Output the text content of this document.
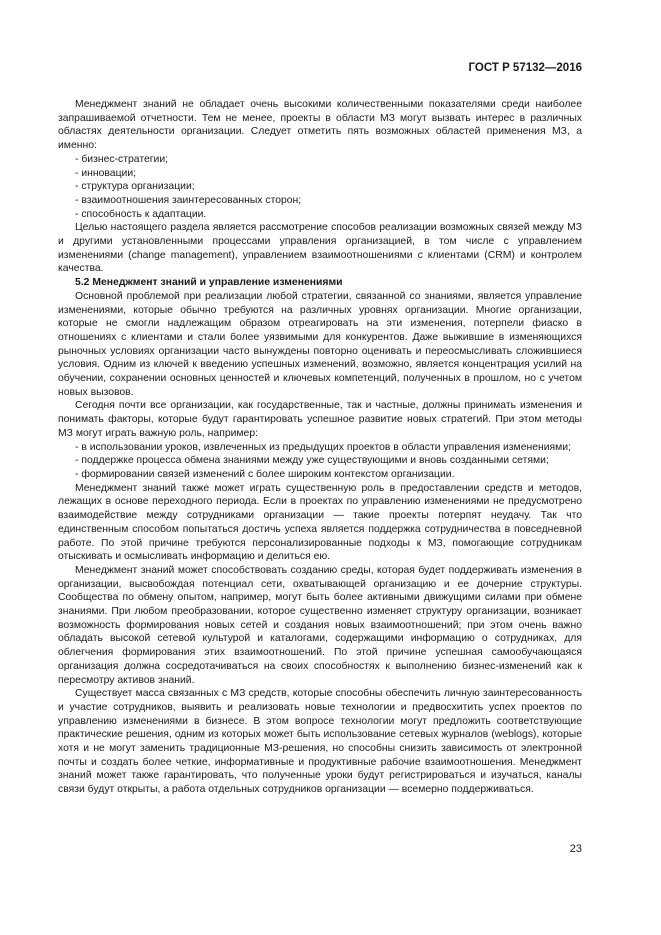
ГОСТ Р 57132—2016

Менеджмент знаний не обладает очень высокими количественными показателями среди наиболее запрашиваемой отчетности. Тем не менее, проекты в области МЗ могут вызвать интерес в различных областях деятельности организации. Следует отметить пять возможных областей применения МЗ, а именно:

- бизнес-стратегии;
- инновации;
- структура организации;
- взаимоотношения заинтересованных сторон;
- способность к адаптации.

Целью настоящего раздела является рассмотрение способов реализации возможных связей между МЗ и другими установленными процессами управления организацией, в том числе с управлением изменениями (change management), управлением взаимоотношениями с клиентами (CRM) и контролем качества.

5.2 Менеджмент знаний и управление изменениями

Основной проблемой при реализации любой стратегии, связанной со знаниями, является управление изменениями, которые обычно требуются на различных уровнях организации. Многие организации, которые не смогли надлежащим образом отреагировать на эти изменения, потерпели фиаско в отношениях с клиентами и стали более уязвимыми для конкурентов. Даже выжившие в изменяющихся рыночных условиях организации часто вынуждены повторно оценивать и переосмысливать сложившиеся условия. Одним из ключей к введению успешных изменений, возможно, является концентрация усилий на обучении, сохранении основных ценностей и ключевых компетенций, полученных в прошлом, но с учетом новых вызовов.

Сегодня почти все организации, как государственные, так и частные, должны принимать изменения и понимать факторы, которые будут гарантировать успешное развитие новых стратегий. При этом методы МЗ могут играть важную роль, например:

- в использовании уроков, извлеченных из предыдущих проектов в области управления изменениями;
- поддержке процесса обмена знаниями между уже существующими и вновь созданными сетями;
- формировании связей изменений с более широким контекстом организации.

Менеджмент знаний также может играть существенную роль в предоставлении средств и методов, лежащих в основе переходного периода. Если в проектах по управлению изменениями не предусмотрено взаимодействие между сотрудниками организации — такие проекты потерпят неудачу. Так что единственным способом попытаться достичь успеха является поддержка сотрудничества в повседневной работе. По этой причине требуются персонализированные подходы к МЗ, помогающие сотрудникам отыскивать и осмысливать информацию и делиться ею.

Менеджмент знаний может способствовать созданию среды, которая будет поддерживать изменения в организации, высвобождая потенциал сети, охватывающей организацию и ее дочерние структуры. Сообщества по обмену опытом, например, могут быть более активными движущими силами при обмене знаниями. При любом преобразовании, которое существенно изменяет структуру организации, возникает возможность формирования новых сетей и создания новых взаимоотношений; при этом очень важно обладать высокой сетевой культурой и каталогами, содержащими информацию о сотрудниках, для облегчения формирования этих взаимоотношений. По этой причине успешная самообучающаяся организация должна сосредотачиваться на своих способностях к выполнению бизнес-изменений как к пересмотру активов знаний.

Существует масса связанных с МЗ средств, которые способны обеспечить личную заинтересованность и участие сотрудников, выявить и реализовать новые технологии и предвосхитить успех проектов по управлению изменениями в бизнесе. В этом вопросе технологии могут предложить соответствующие практические решения, одним из которых может быть использование сетевых журналов (weblogs), которые хотя и не могут заменить традиционные МЗ-решения, но способны снизить зависимость от электронной почты и создать более четкие, информативные и продуктивные рабочие взаимоотношения. Менеджмент знаний может также гарантировать, что полученные уроки будут регистрироваться и изучаться, каналы связи будут открыты, а работа отдельных сотрудников организации — всемерно поддерживаться.

23
